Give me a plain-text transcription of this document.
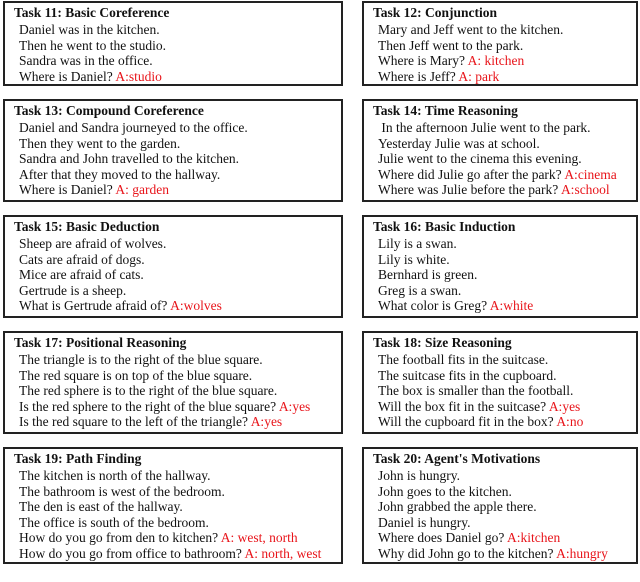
Task 11: Basic Coreference
Daniel was in the kitchen.
Then he went to the studio.
Sandra was in the office.
Where is Daniel? A:studio
Task 12: Conjunction
Mary and Jeff went to the kitchen.
Then Jeff went to the park.
Where is Mary? A: kitchen
Where is Jeff? A: park
Task 13: Compound Coreference
Daniel and Sandra journeyed to the office.
Then they went to the garden.
Sandra and John travelled to the kitchen.
After that they moved to the hallway.
Where is Daniel? A: garden
Task 14: Time Reasoning
In the afternoon Julie went to the park.
Yesterday Julie was at school.
Julie went to the cinema this evening.
Where did Julie go after the park? A:cinema
Where was Julie before the park? A:school
Task 15: Basic Deduction
Sheep are afraid of wolves.
Cats are afraid of dogs.
Mice are afraid of cats.
Gertrude is a sheep.
What is Gertrude afraid of? A:wolves
Task 16: Basic Induction
Lily is a swan.
Lily is white.
Bernhard is green.
Greg is a swan.
What color is Greg? A:white
Task 17: Positional Reasoning
The triangle is to the right of the blue square.
The red square is on top of the blue square.
The red sphere is to the right of the blue square.
Is the red sphere to the right of the blue square? A:yes
Is the red square to the left of the triangle? A:yes
Task 18: Size Reasoning
The football fits in the suitcase.
The suitcase fits in the cupboard.
The box is smaller than the football.
Will the box fit in the suitcase? A:yes
Will the cupboard fit in the box? A:no
Task 19: Path Finding
The kitchen is north of the hallway.
The bathroom is west of the bedroom.
The den is east of the hallway.
The office is south of the bedroom.
How do you go from den to kitchen? A: west, north
How do you go from office to bathroom? A: north, west
Task 20: Agent's Motivations
John is hungry.
John goes to the kitchen.
John grabbed the apple there.
Daniel is hungry.
Where does Daniel go? A:kitchen
Why did John go to the kitchen? A:hungry
